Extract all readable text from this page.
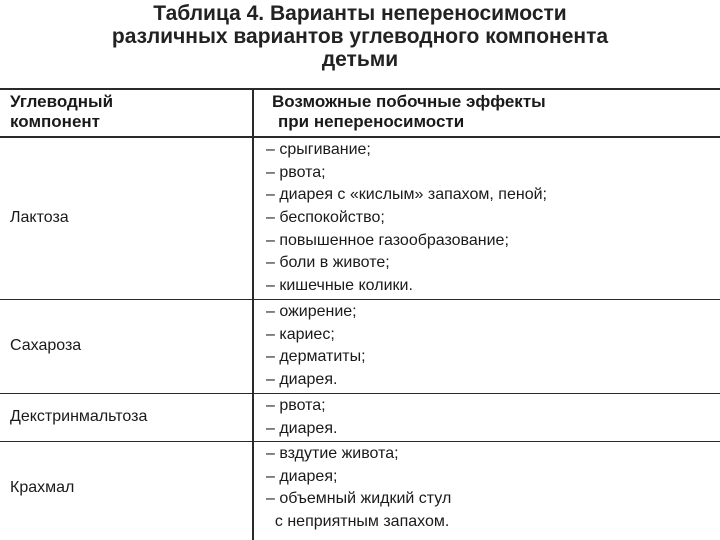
Таблица 4. Варианты непереносимости
различных вариантов углеводного компонента
детьми
Углеводный
компонент
Возможные побочные эффекты
при непереносимости
Лактоза
– срыгивание;
– рвота;
– диарея с «кислым» запахом, пеной;
– беспокойство;
– повышенное газообразование;
– боли в животе;
– кишечные колики.
Сахароза
– ожирение;
– кариес;
– дерматиты;
– диарея.
Декстринмальтоза
– рвота;
– диарея.
Крахмал
– вздутие живота;
– диарея;
– объемный жидкий стул
с неприятным запахом.
